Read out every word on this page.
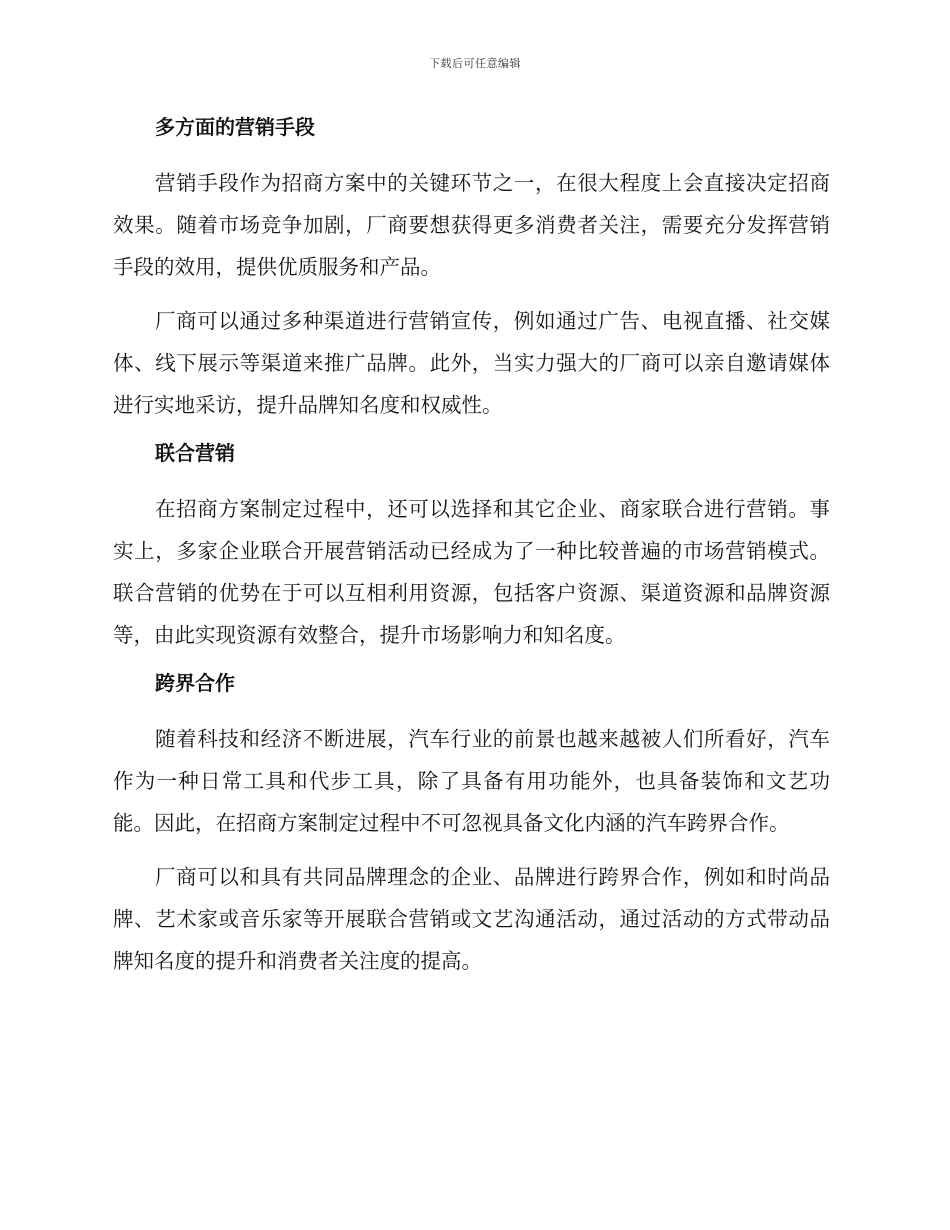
下载后可任意编辑
多方面的营销手段

营销手段作为招商方案中的关键环节之一，在很大程度上会直接决定招商效果。随着市场竞争加剧，厂商要想获得更多消费者关注，需要充分发挥营销手段的效用，提供优质服务和产品。

厂商可以通过多种渠道进行营销宣传，例如通过广告、电视直播、社交媒体、线下展示等渠道来推广品牌。此外，当实力强大的厂商可以亲自邀请媒体进行实地采访，提升品牌知名度和权威性。

联合营销

在招商方案制定过程中，还可以选择和其它企业、商家联合进行营销。事实上，多家企业联合开展营销活动已经成为了一种比较普遍的市场营销模式。联合营销的优势在于可以互相利用资源，包括客户资源、渠道资源和品牌资源等，由此实现资源有效整合，提升市场影响力和知名度。

跨界合作

随着科技和经济不断进展，汽车行业的前景也越来越被人们所看好，汽车作为一种日常工具和代步工具，除了具备有用功能外，也具备装饰和文艺功能。因此，在招商方案制定过程中不可忽视具备文化内涵的汽车跨界合作。

厂商可以和具有共同品牌理念的企业、品牌进行跨界合作，例如和时尚品牌、艺术家或音乐家等开展联合营销或文艺沟通活动，通过活动的方式带动品牌知名度的提升和消费者关注度的提高。
